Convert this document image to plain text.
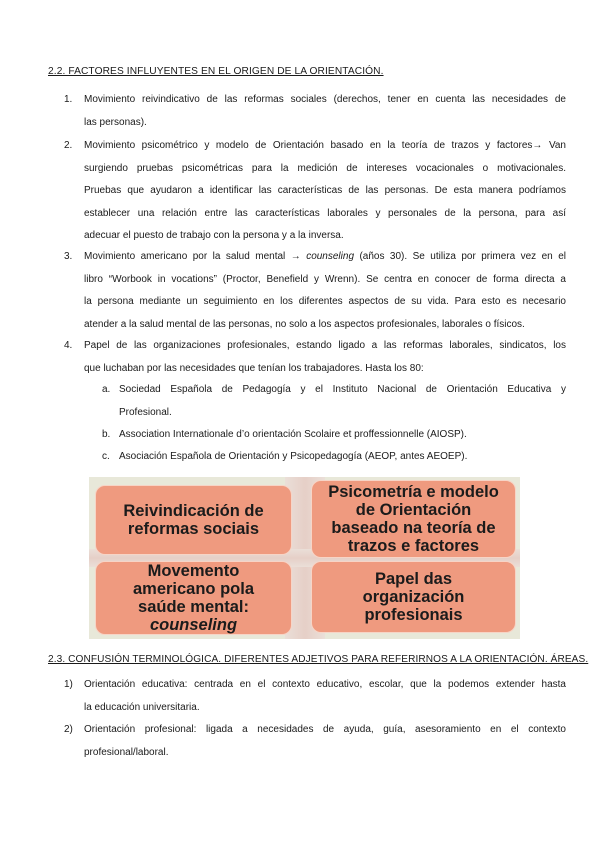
2.2. FACTORES INFLUYENTES EN EL ORIGEN DE LA ORIENTACIÓN.
1. Movimiento reivindicativo de las reformas sociales (derechos, tener en cuenta las necesidades de
las personas).
2. Movimiento psicométrico y modelo de Orientación basado en la teoría de trazos y factores→ Van
surgiendo pruebas psicométricas para la medición de intereses vocacionales o motivacionales.
Pruebas que ayudaron a identificar las características de las personas. De esta manera podríamos
establecer una relación entre las características laborales y personales de la persona, para así
adecuar el puesto de trabajo con la persona y a la inversa.
3. Movimiento americano por la salud mental → counseling (años 30). Se utiliza por primera vez en el
libro “Worbook in vocations” (Proctor, Benefield y Wrenn). Se centra en conocer de forma directa a
la persona mediante un seguimiento en los diferentes aspectos de su vida. Para esto es necesario
atender a la salud mental de las personas, no solo a los aspectos profesionales, laborales o físicos.
4. Papel de las organizaciones profesionales, estando ligado a las reformas laborales, sindicatos, los
que luchaban por las necesidades que tenían los trabajadores. Hasta los 80:
a. Sociedad Española de Pedagogía y el Instituto Nacional de Orientación Educativa y
Profesional.
b. Association Internationale d’o orientación Scolaire et proffessionnelle (AIOSP).
c. Asociación Española de Orientación y Psicopedagogía (AEOP, antes AEOEP).
Reivindicación de
reformas sociais
Psicometría e modelo
de Orientación
baseado na teoría de
trazos e factores
Movemento
americano pola
saúde mental:
counseling
Papel das
organización
profesionais
2.3. CONFUSIÓN TERMINOLÓGICA. DIFERENTES ADJETIVOS PARA REFERIRNOS A LA ORIENTACIÓN. ÁREAS.
1) Orientación educativa: centrada en el contexto educativo, escolar, que la podemos extender hasta
la educación universitaria.
2) Orientación profesional: ligada a necesidades de ayuda, guía, asesoramiento en el contexto
profesional/laboral.
